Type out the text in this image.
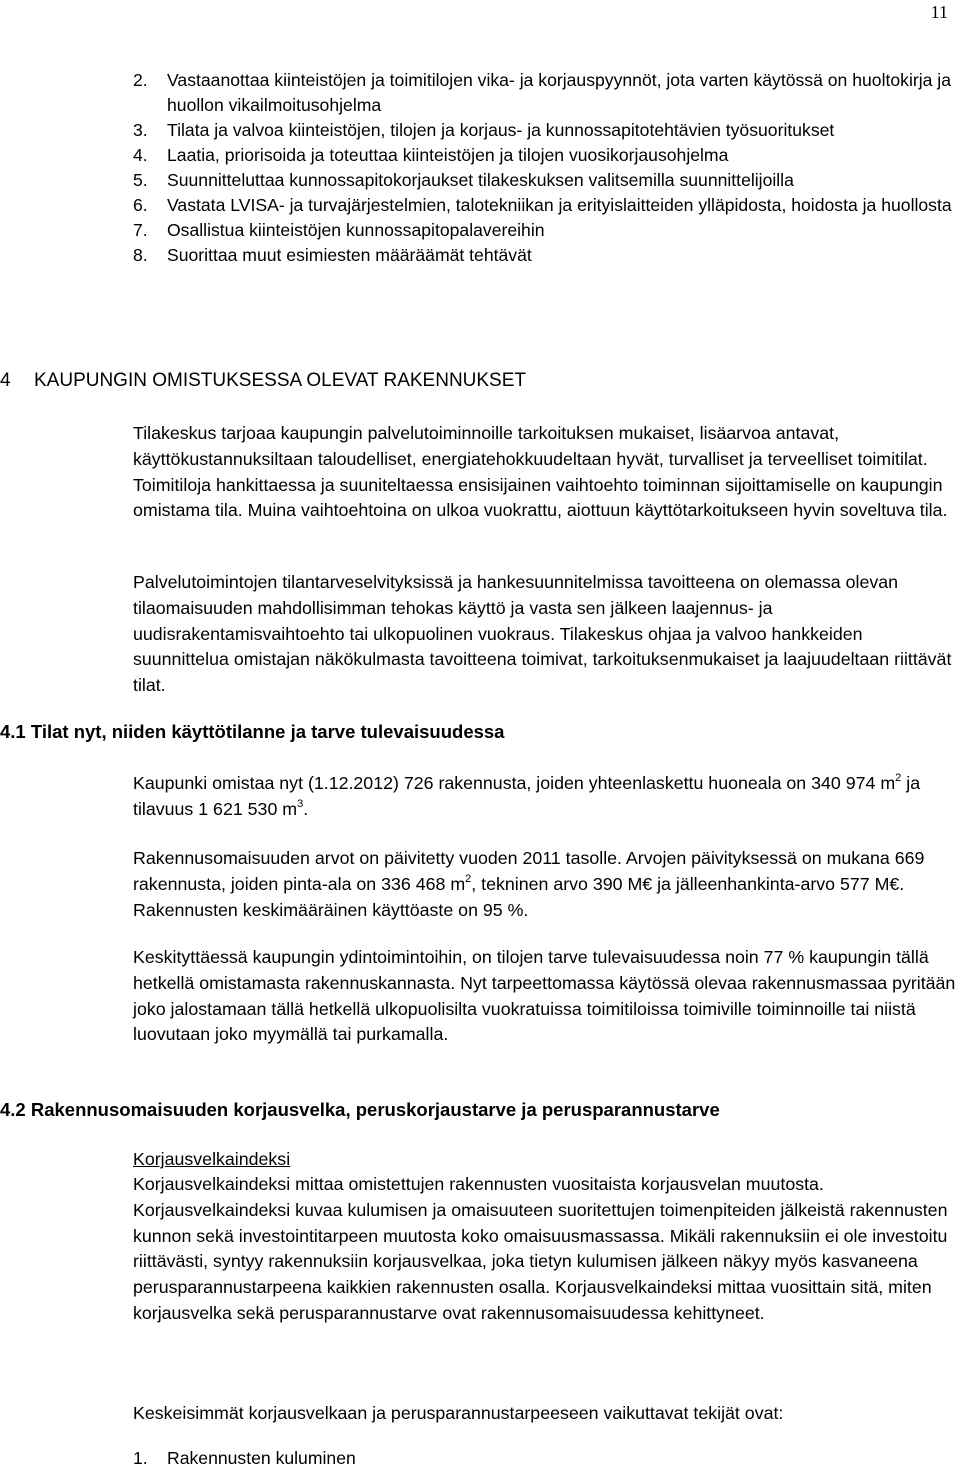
11
2.	Vastaanottaa kiinteistöjen ja toimitilojen vika- ja korjauspyynnöt, jota varten käytössä on huoltokirja ja huollon vikailmoitusohjelma
3.	Tilata ja valvoa kiinteistöjen, tilojen ja korjaus- ja kunnossapitotehtävien työsuoritukset
4.	Laatia, priorisoida ja toteuttaa kiinteistöjen ja tilojen vuosikorjausohjelma
5.	Suunnitteluttaa kunnossapitokorjaukset tilakeskuksen valitsemilla suunnittelijoilla
6.	Vastata LVISA- ja turvajärjestelmien, talotekniikan ja erityislaitteiden ylläpidosta, hoidosta ja huollosta
7.	Osallistua kiinteistöjen kunnossapitopalavereihin
8.	Suorittaa muut esimiesten määräämät tehtävät
4	KAUPUNGIN OMISTUKSESSA OLEVAT RAKENNUKSET
Tilakeskus tarjoaa kaupungin palvelutoiminnoille tarkoituksen mukaiset, lisäarvoa antavat, käyttökustannuksiltaan taloudelliset, energiatehokkuudeltaan hyvät, turvalliset ja terveelliset toimitilat. Toimitiloja hankittaessa ja suuniteltaessa ensisijainen vaihtoehto toiminnan sijoittamiselle on kaupungin omistama tila. Muina vaihtoehtoina on ulkoa vuokrattu, aiottuun käyttötarkoitukseen hyvin soveltuva tila.
Palvelutoimintojen tilantarveselvityksissä ja hankesuunnitelmissa tavoitteena on olemassa olevan tilaomaisuuden mahdollisimman tehokas käyttö ja vasta sen jälkeen laajennus- ja uudisrakentamisvaihtoehto tai ulkopuolinen vuokraus. Tilakeskus ohjaa ja valvoo hankkeiden suunnittelua omistajan näkökulmasta tavoitteena toimivat, tarkoituksenmukaiset ja laajuudeltaan riittävät tilat.
4.1 Tilat nyt, niiden käyttötilanne ja tarve tulevaisuudessa
Kaupunki omistaa nyt (1.12.2012) 726 rakennusta, joiden yhteenlaskettu huoneala on 340 974 $m^2$ ja tilavuus 1 621 530 $m^3$.
Rakennusomaisuuden arvot on päivitetty vuoden 2011 tasolle. Arvojen päivityksessä on mukana 669 rakennusta, joiden pinta-ala on 336 468 $m^2$, tekninen arvo 390 M€ ja jälleenhankinta-arvo 577 M€. Rakennusten keskimääräinen käyttöaste on 95 %.
Keskityttäessä kaupungin ydintoimintoihin, on tilojen tarve tulevaisuudessa noin 77 % kaupungin tällä hetkellä omistamasta rakennuskannasta. Nyt tarpeettomassa käytössä olevaa rakennusmassaa pyritään joko jalostamaan tällä hetkellä ulkopuolisilta vuokratuissa toimitiloissa toimiville toiminnoille tai niistä luovutaan joko myymällä tai purkamalla.
4.2 Rakennusomaisuuden korjausvelka, peruskorjaustarve ja perusparannustarve
Korjausvelkaindeksi
Korjausvelkaindeksi mittaa omistettujen rakennusten vuositaista korjausvelan muutosta. Korjausvelkaindeksi kuvaa kulumisen ja omaisuuteen suoritettujen toimenpiteiden jälkeistä rakennusten kunnon sekä investointitarpeen muutosta koko omaisuusmassassa. Mikäli rakennuksiin ei ole investoitu riittävästi, syntyy rakennuksiin korjausvelkaa, joka tietyn kulumisen jälkeen näkyy myös kasvaneena perusparannustarpeena kaikkien rakennusten osalla. Korjausvelkaindeksi mittaa vuosittain sitä, miten korjausvelka sekä perusparannustarve ovat rakennusomaisuudessa kehittyneet.
Keskeisimmät korjausvelkaan ja perusparannustarpeeseen vaikuttavat tekijät ovat:
1.	Rakennusten kuluminen
